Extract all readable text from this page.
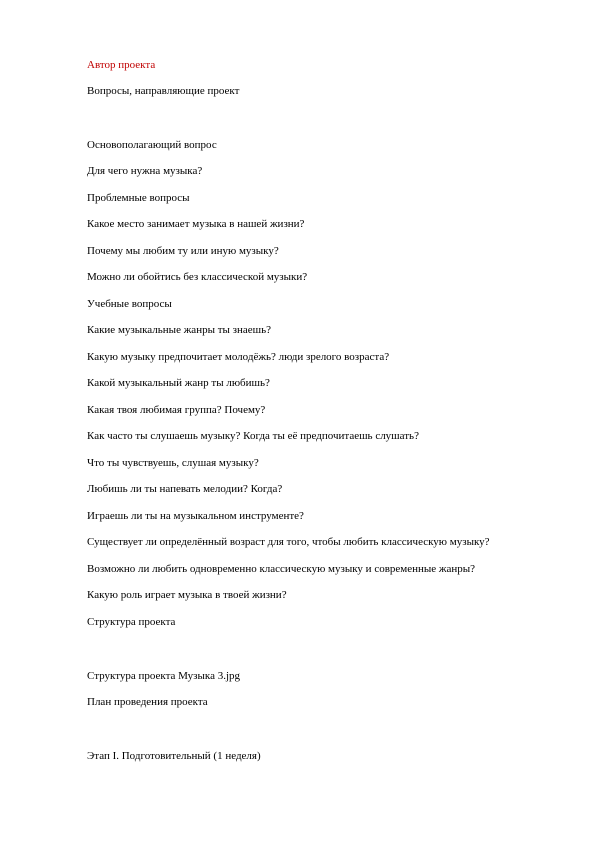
Автор проекта
Вопросы, направляющие проект
Основополагающий вопрос
Для чего нужна музыка?
Проблемные вопросы
Какое место занимает музыка в нашей жизни?
Почему мы любим ту или иную музыку?
Можно ли обойтись без классической музыки?
Учебные вопросы
Какие музыкальные жанры ты знаешь?
Какую музыку предпочитает молодёжь? люди зрелого возраста?
Какой музыкальный жанр ты любишь?
Какая твоя любимая группа? Почему?
Как часто ты слушаешь музыку? Когда ты её предпочитаешь слушать?
Что ты чувствуешь, слушая музыку?
Любишь ли ты напевать мелодии? Когда?
Играешь ли ты на музыкальном инструменте?
Существует ли определённый возраст для того, чтобы любить классическую музыку?
Возможно ли любить одновременно классическую музыку и современные жанры?
Какую роль играет музыка в твоей жизни?
Структура проекта
Структура проекта Музыка 3.jpg
План проведения проекта
Этап I. Подготовительный (1 неделя)
